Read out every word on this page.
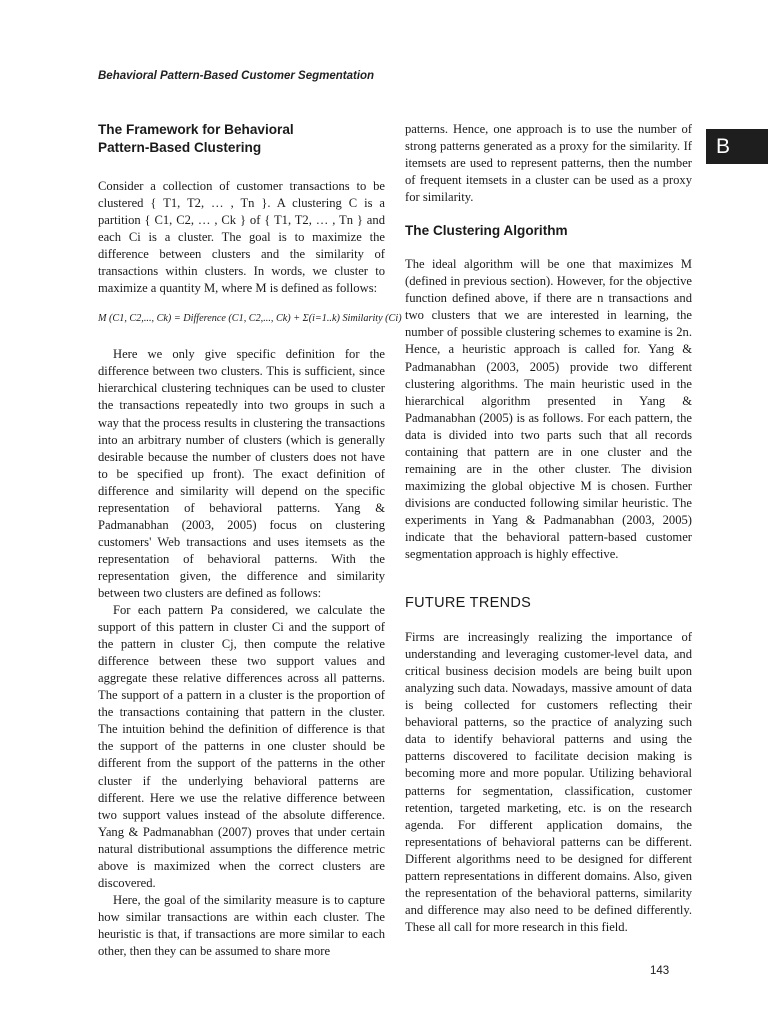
Behavioral Pattern-Based Customer Segmentation
B
The Framework for Behavioral Pattern-Based Clustering

Consider a collection of customer transactions to be clustered { T1, T2, … , Tn }. A clustering C is a partition { C1, C2, … , Ck } of { T1, T2, … , Tn } and each Ci is a cluster. The goal is to maximize the difference between clusters and the similarity of transactions within clusters. In words, we cluster to maximize a quantity M, where M is defined as follows:

M (C1, C2,..., Ck) = Difference (C1, C2,..., Ck) + Σ(i=1..k) Similarity (Ci)

Here we only give specific definition for the difference between two clusters. This is sufficient, since hierarchical clustering techniques can be used to cluster the transactions repeatedly into two groups in such a way that the process results in clustering the transactions into an arbitrary number of clusters (which is generally desirable because the number of clusters does not have to be specified up front). The exact definition of difference and similarity will depend on the specific representation of behavioral patterns. Yang & Padmanabhan (2003, 2005) focus on clustering customers' Web transactions and uses itemsets as the representation of behavioral patterns. With the representation given, the difference and similarity between two clusters are defined as follows:

For each pattern Pa considered, we calculate the support of this pattern in cluster Ci and the support of the pattern in cluster Cj, then compute the relative difference between these two support values and aggregate these relative differences across all patterns. The support of a pattern in a cluster is the proportion of the transactions containing that pattern in the cluster. The intuition behind the definition of difference is that the support of the patterns in one cluster should be different from the support of the patterns in the other cluster if the underlying behavioral patterns are different. Here we use the relative difference between two support values instead of the absolute difference. Yang & Padmanabhan (2007) proves that under certain natural distributional assumptions the difference metric above is maximized when the correct clusters are discovered.

Here, the goal of the similarity measure is to capture how similar transactions are within each cluster. The heuristic is that, if transactions are more similar to each other, then they can be assumed to share more

patterns. Hence, one approach is to use the number of strong patterns generated as a proxy for the similarity. If itemsets are used to represent patterns, then the number of frequent itemsets in a cluster can be used as a proxy for similarity.

The Clustering Algorithm

The ideal algorithm will be one that maximizes M (defined in previous section). However, for the objective function defined above, if there are n transactions and two clusters that we are interested in learning, the number of possible clustering schemes to examine is 2n. Hence, a heuristic approach is called for. Yang & Padmanabhan (2003, 2005) provide two different clustering algorithms. The main heuristic used in the hierarchical algorithm presented in Yang & Padmanabhan (2005) is as follows. For each pattern, the data is divided into two parts such that all records containing that pattern are in one cluster and the remaining are in the other cluster. The division maximizing the global objective M is chosen. Further divisions are conducted following similar heuristic. The experiments in Yang & Padmanabhan (2003, 2005) indicate that the behavioral pattern-based customer segmentation approach is highly effective.

FUTURE TRENDS

Firms are increasingly realizing the importance of understanding and leveraging customer-level data, and critical business decision models are being built upon analyzing such data. Nowadays, massive amount of data is being collected for customers reflecting their behavioral patterns, so the practice of analyzing such data to identify behavioral patterns and using the patterns discovered to facilitate decision making is becoming more and more popular. Utilizing behavioral patterns for segmentation, classification, customer retention, targeted marketing, etc. is on the research agenda. For different application domains, the representations of behavioral patterns can be different. Different algorithms need to be designed for different pattern representations in different domains. Also, given the representation of the behavioral patterns, similarity and difference may also need to be defined differently. These all call for more research in this field.

143
